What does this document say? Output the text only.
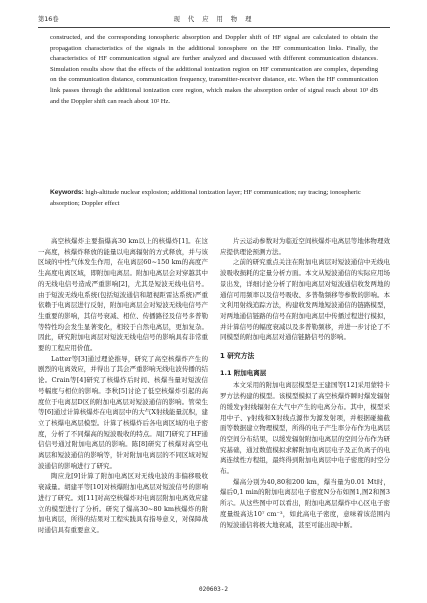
第16卷	现 代 应 用 物 理
constructed, and the corresponding ionospheric absorption and Doppler shift of HF signal are calculated to obtain the propagation characteristics of the signals in the additional ionosphere on the HF communication links. Finally, the characteristics of HF communication signal are further analyzed and discussed with different communication distances. Simulation results show that the effects of the additional ionization region on HF communication are complex, depending on the communication distance, communication frequency, transmitter-receiver distance, etc. When the HF communication link passes through the additional ionization core region, which makes the absorption order of signal reach about 10³ dB and the Doppler shift can reach about 10² Hz.
Keywords: high-altitude nuclear explosion; additional ionization layer; HF communication; ray tracing; ionospheric absorption; Doppler effect

高空核爆炸主要指爆高30 km以上的核爆炸[1]。在这一高度，核爆炸释放的能量以电离辐射的方式释放，并与该区域的中性气体发生作用，在电离层60~150 km的高度产生高度电离区域，即附加电离层。附加电离层会对穿越其中的无线电信号造成严重影响[2]，尤其是短波无线电信号。由于短波无线电系统(包括短波通信和超视距雷达系统)严重依赖于电离层进行反射，附加电离层会对短波无线电信号产生重要的影响，其信号衰减、相位、传播路径及信号多普勒等特性均会发生显著变化，相较于自然电离层，更加复杂。因此，研究附加电离层对短波无线电信号的影响具有非常重要的工程应用价值。

Latter等[3]通过理论推导，研究了高空核爆炸产生的剧烈的电离效应，并得出了其会严重影响无线电波传播的结论。Crain等[4]研究了核爆炸后时间、核爆当量对短波信号幅度与相位的影响。李秋[5]讨论了低空核爆炸引起的高度位于电离层D区的附加电离层对短波通信的影响。管荣生等[6]通过计算核爆炸在电离层中的大气X射线能量沉积，建立了核爆电离层模型。计算了核爆炸后各电离区域的电子密度，分析了不同爆高的短波吸收的特点。周[7]研究了HF通信信号通过附加电离层的影响。陈[8]研究了核爆对高空电离层和短波通信的影响等，针对附加电离层的不同区域对短波通信的影响进行了研究。

陶应龙[9]计算了附加电离区对无线电波的非偏移吸收衰减量。胡建平等[10]对核爆附加电离层对短波信号的影响进行了研究。刘[11]对高空核爆炸对电离层附加电离效应建立的模型进行了分析。研究了爆高30~80 km核爆炸的附加电离层，所得的结果对工程实践具有指导意义，对保障战时通信具有重要意义。

片云运动参数对为临近空间核爆炸电离层等地体物理效应提供理论预测方法。

之前的研究重点关注在附加电离层对短波通信中无线电波吸收损耗的定量分析方面。本文从短波通信的实际应用场景出发，详细讨论分析了附加电离层对短波通信收发两地的通信可用频率以及信号吸收、多普勒频移等参数的影响。本文利用射线追踪方法，构建收发两地短波通信的链路模型，对两地通信链路的信号在附加电离层中传播过程进行模拟，并计算信号的幅度衰减以及多普勒频移，并进一步讨论了不同模型的附加电离层对通信链路信号的影响。

1 研究方法
1.1 附加电离层

本文采用的附加电离层模型是王建国等[12]采用蒙特卡罗方法构建的模型。该模型模拟了高空核爆炸瞬时爆发辐射的缓发γ射线辐射在大气中产生的电离分布。其中，模型采用中子、γ射线和X射线点源作为源发射项，并根据碰撞截面等数据建立物理模型，所得的电子产生率分布作为电离层的空间分布结果，以缓发辐射附加电离层的空间分布作为研究基础，通过数值模拟求解附加电离层电子及正负离子的电离连续性方程组，最终得到附加电离层中电子密度的时空分布。

爆高分别为40,80和200 km，爆当量为0.01 Mt时，爆后0,1 min的附加电离层电子密度N分布如图1,图2和图3所示。从这些图中可以看出，附加电离层爆炸中心区电子密度量级高达10⁷ cm⁻³，如此高电子密度，意味着该范围内的短波通信将极大地衰减，甚至可能出现中断。

020603-2
